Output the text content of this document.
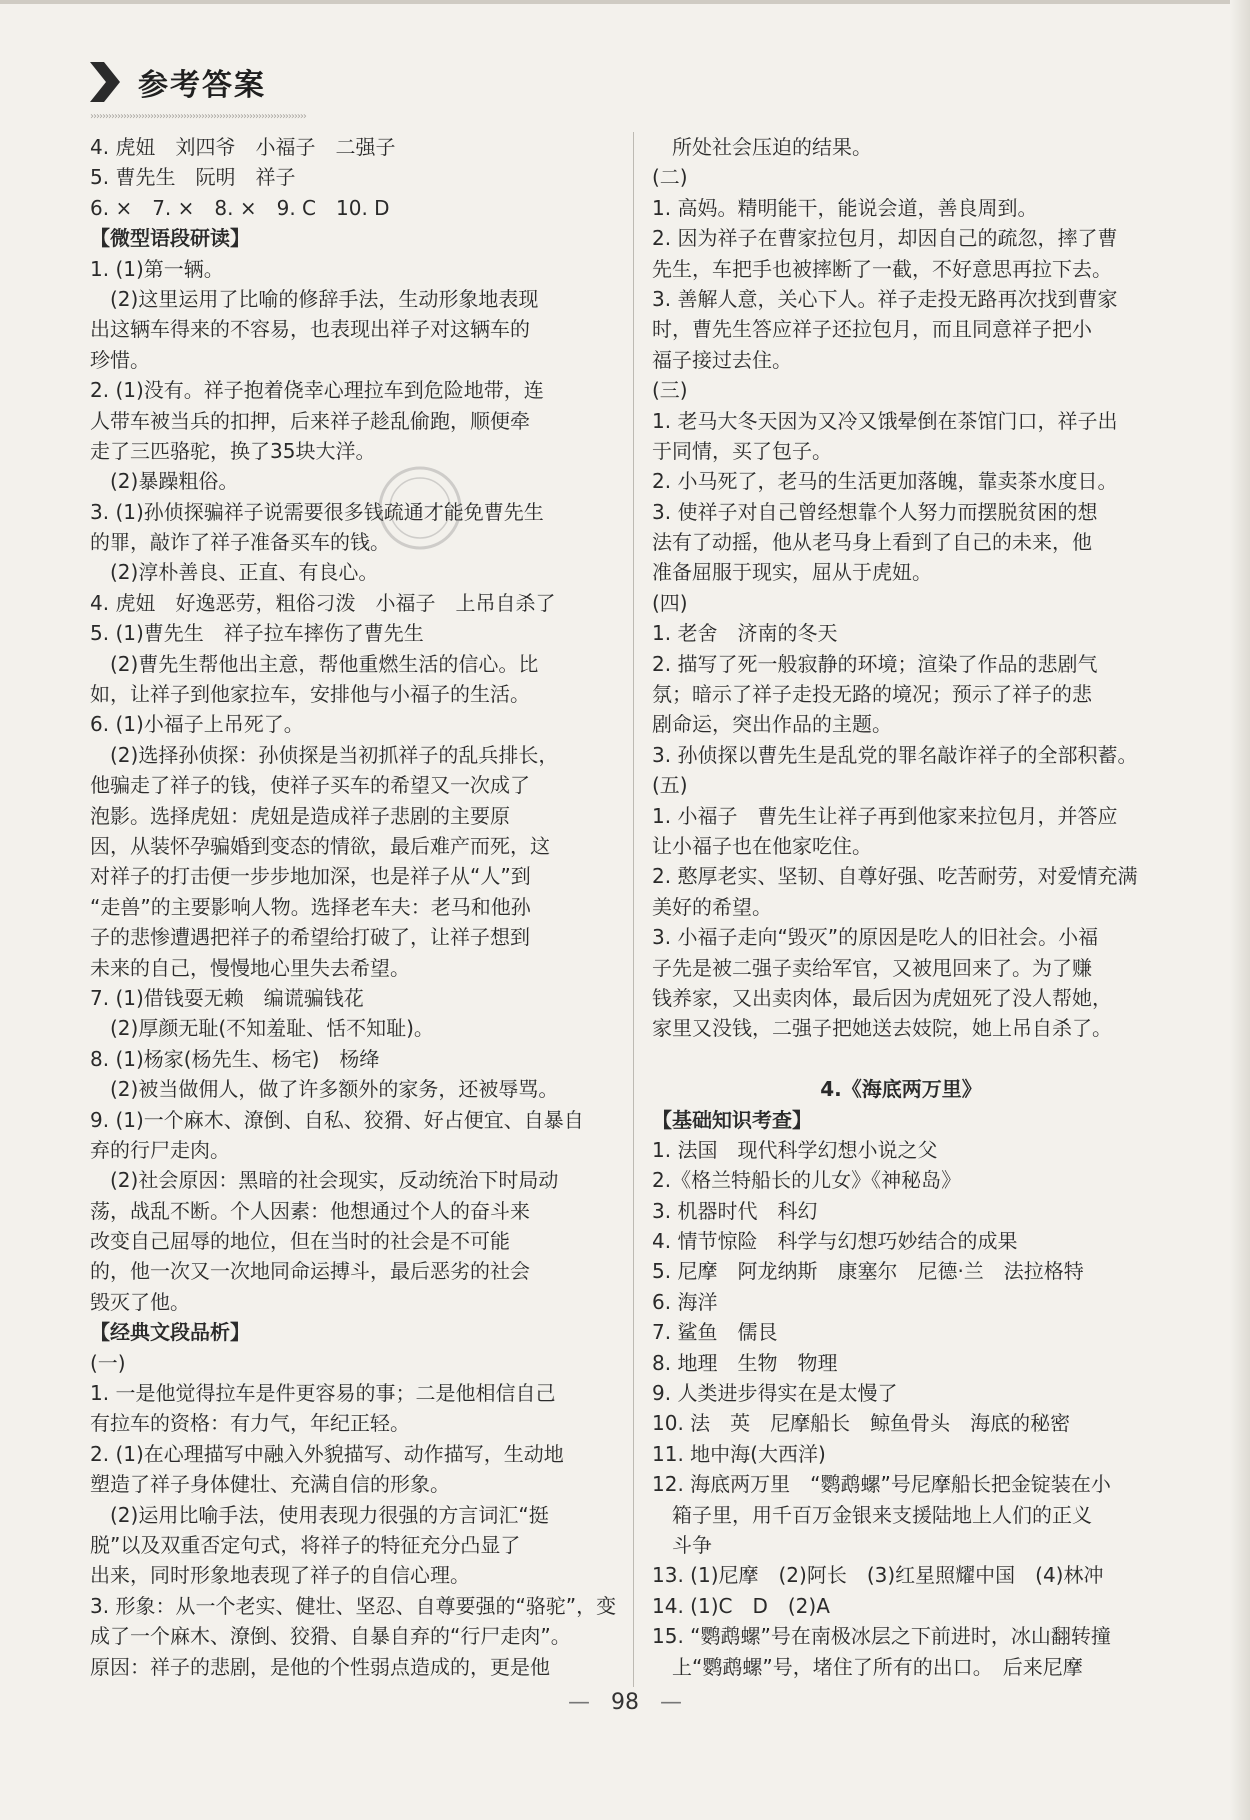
参考答案
››››››››››››››››››››››››››››››››››››››››››››››››››››››››››››››››››››››››
4. 虎妞　刘四爷　小福子　二强子
5. 曹先生　阮明　祥子
6. ×　7. ×　8. ×　9. C　10. D
【微型语段研读】
1. (1)第一辆。
　(2)这里运用了比喻的修辞手法，生动形象地表现
出这辆车得来的不容易，也表现出祥子对这辆车的
珍惜。
2. (1)没有。祥子抱着侥幸心理拉车到危险地带，连
人带车被当兵的扣押，后来祥子趁乱偷跑，顺便牵
走了三匹骆驼，换了35块大洋。
　(2)暴躁粗俗。
3. (1)孙侦探骗祥子说需要很多钱疏通才能免曹先生
的罪，敲诈了祥子准备买车的钱。
　(2)淳朴善良、正直、有良心。
4. 虎妞　好逸恶劳，粗俗刁泼　小福子　上吊自杀了
5. (1)曹先生　祥子拉车摔伤了曹先生
　(2)曹先生帮他出主意，帮他重燃生活的信心。比
如，让祥子到他家拉车，安排他与小福子的生活。
6. (1)小福子上吊死了。
　(2)选择孙侦探：孙侦探是当初抓祥子的乱兵排长，
他骗走了祥子的钱，使祥子买车的希望又一次成了
泡影。选择虎妞：虎妞是造成祥子悲剧的主要原
因，从装怀孕骗婚到变态的情欲，最后难产而死，这
对祥子的打击便一步步地加深，也是祥子从“人”到
“走兽”的主要影响人物。选择老车夫：老马和他孙
子的悲惨遭遇把祥子的希望给打破了，让祥子想到
未来的自己，慢慢地心里失去希望。
7. (1)借钱耍无赖　编谎骗钱花
　(2)厚颜无耻(不知羞耻、恬不知耻)。
8. (1)杨家(杨先生、杨宅)　杨绛
　(2)被当做佣人，做了许多额外的家务，还被辱骂。
9. (1)一个麻木、潦倒、自私、狡猾、好占便宜、自暴自
弃的行尸走肉。
　(2)社会原因：黑暗的社会现实，反动统治下时局动
荡，战乱不断。个人因素：他想通过个人的奋斗来
改变自己屈辱的地位，但在当时的社会是不可能
的，他一次又一次地同命运搏斗，最后恶劣的社会
毁灭了他。
【经典文段品析】
(一)
1. 一是他觉得拉车是件更容易的事；二是他相信自己
有拉车的资格：有力气，年纪正轻。
2. (1)在心理描写中融入外貌描写、动作描写，生动地
塑造了祥子身体健壮、充满自信的形象。
　(2)运用比喻手法，使用表现力很强的方言词汇“挺
脱”以及双重否定句式，将祥子的特征充分凸显了
出来，同时形象地表现了祥子的自信心理。
3. 形象：从一个老实、健壮、坚忍、自尊要强的“骆驼”，变
成了一个麻木、潦倒、狡猾、自暴自弃的“行尸走肉”。
原因：祥子的悲剧，是他的个性弱点造成的，更是他
　所处社会压迫的结果。
(二)
1. 高妈。精明能干，能说会道，善良周到。
2. 因为祥子在曹家拉包月，却因自己的疏忽，摔了曹
先生，车把手也被摔断了一截，不好意思再拉下去。
3. 善解人意，关心下人。祥子走投无路再次找到曹家
时，曹先生答应祥子还拉包月，而且同意祥子把小
福子接过去住。
(三)
1. 老马大冬天因为又冷又饿晕倒在茶馆门口，祥子出
于同情，买了包子。
2. 小马死了，老马的生活更加落魄，靠卖茶水度日。
3. 使祥子对自己曾经想靠个人努力而摆脱贫困的想
法有了动摇，他从老马身上看到了自己的未来，他
准备屈服于现实，屈从于虎妞。
(四)
1. 老舍　济南的冬天
2. 描写了死一般寂静的环境；渲染了作品的悲剧气
氛；暗示了祥子走投无路的境况；预示了祥子的悲
剧命运，突出作品的主题。
3. 孙侦探以曹先生是乱党的罪名敲诈祥子的全部积蓄。
(五)
1. 小福子　曹先生让祥子再到他家来拉包月，并答应
让小福子也在他家吃住。
2. 憨厚老实、坚韧、自尊好强、吃苦耐劳，对爱情充满
美好的希望。
3. 小福子走向“毁灭”的原因是吃人的旧社会。小福
子先是被二强子卖给军官，又被甩回来了。为了赚
钱养家，又出卖肉体，最后因为虎妞死了没人帮她，
家里又没钱，二强子把她送去妓院，她上吊自杀了。
4.《海底两万里》
【基础知识考查】
1. 法国　现代科学幻想小说之父
2.《格兰特船长的儿女》《神秘岛》
3. 机器时代　科幻
4. 情节惊险　科学与幻想巧妙结合的成果
5. 尼摩　阿龙纳斯　康塞尔　尼德·兰　法拉格特
6. 海洋
7. 鲨鱼　儒艮
8. 地理　生物　物理
9. 人类进步得实在是太慢了
10. 法　英　尼摩船长　鲸鱼骨头　海底的秘密
11. 地中海(大西洋)
12. 海底两万里　“鹦鹉螺”号尼摩船长把金锭装在小
　箱子里，用千百万金银来支援陆地上人们的正义
　斗争
13. (1)尼摩　(2)阿长　(3)红星照耀中国　(4)林冲
14. (1)C　D　(2)A
15. “鹦鹉螺”号在南极冰层之下前进时，冰山翻转撞
　上“鹦鹉螺”号，堵住了所有的出口。　后来尼摩
— 98 —
